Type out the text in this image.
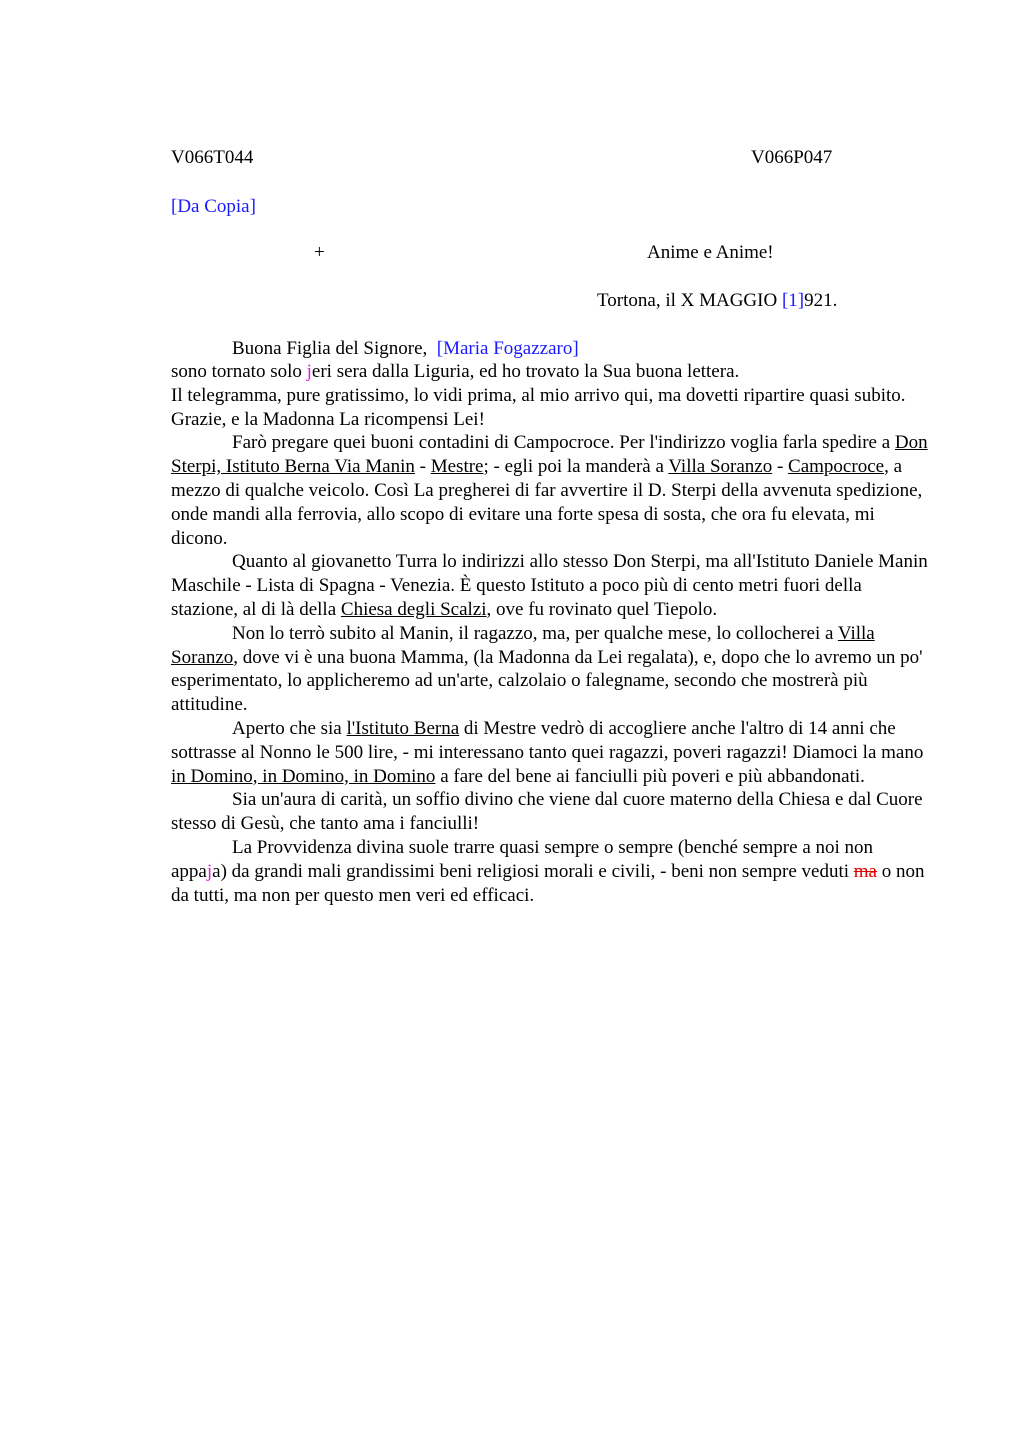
V066T044	V066P047
[Da Copia]
+	Anime e Anime!
Tortona, il X MAGGIO [1]921.
Buona Figlia del Signore, [Maria Fogazzaro]

sono tornato solo jeri sera dalla Liguria, ed ho trovato la Sua buona lettera.
Il telegramma, pure gratissimo, lo vidi prima, al mio arrivo qui, ma dovetti ripartire quasi subito. Grazie, e la Madonna La ricompensi Lei!

Farò pregare quei buoni contadini di Campocroce. Per l'indirizzo voglia farla spedire a Don Sterpi, Istituto Berna Via Manin - Mestre; - egli poi la manderà a Villa Soranzo - Campocroce, a mezzo di qualche veicolo. Così La pregherei di far avvertire il D. Sterpi della avvenuta spedizione, onde mandi alla ferrovia, allo scopo di evitare una forte spesa di sosta, che ora fu elevata, mi dicono.

Quanto al giovanetto Turra lo indirizzi allo stesso Don Sterpi, ma all'Istituto Daniele Manin Maschile - Lista di Spagna - Venezia. È questo Istituto a poco più di cento metri fuori della stazione, al di là della Chiesa degli Scalzi, ove fu rovinato quel Tiepolo.

Non lo terrò subito al Manin, il ragazzo, ma, per qualche mese, lo collocherei a Villa Soranzo, dove vi è una buona Mamma, (la Madonna da Lei regalata), e, dopo che lo avremo un po' esperimentato, lo applicheremo ad un'arte, calzolaio o falegname, secondo che mostrerà più attitudine.

Aperto che sia l'Istituto Berna di Mestre vedrò di accogliere anche l'altro di 14 anni che sottrasse al Nonno le 500 lire, - mi interessano tanto quei ragazzi, poveri ragazzi! Diamoci la mano in Domino, in Domino, in Domino a fare del bene ai fanciulli più poveri e più abbandonati.

Sia un'aura di carità, un soffio divino che viene dal cuore materno della Chiesa e dal Cuore stesso di Gesù, che tanto ama i fanciulli!

La Provvidenza divina suole trarre quasi sempre o sempre (benché sempre a noi non appaja) da grandi mali grandissimi beni religiosi morali e civili, - beni non sempre veduti ma o non da tutti, ma non per questo men veri ed efficaci.
